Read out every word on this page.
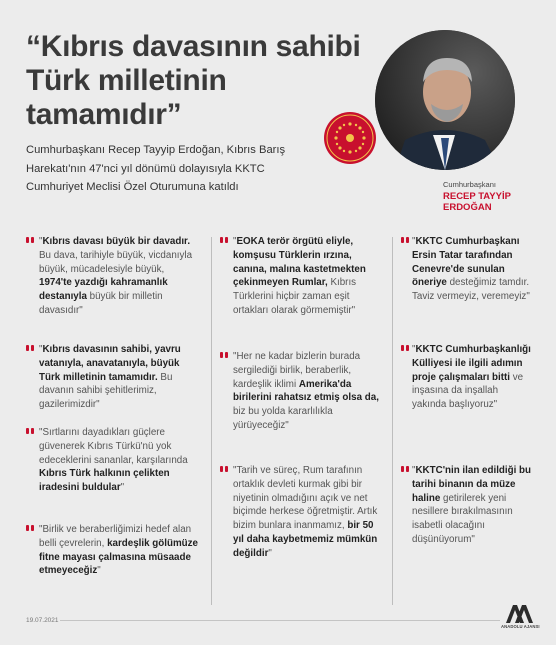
“Kıbrıs davasının sahibi Türk milletinin tamamıdır”
Cumhurbaşkanı Recep Tayyip Erdoğan, Kıbrıs Barış Harekatı'nın 47'nci yıl dönümü dolayısıyla KKTC Cumhuriyet Meclisi Özel Oturumuna katıldı	Cumhurbaşkanı
RECEP TAYYİP ERDOĞAN
"Kıbrıs davası büyük bir davadır. Bu dava, tarihiyle büyük, vicdanıyla büyük, mücadelesiyle büyük, 1974'te yazdığı kahramanlık destanıyla büyük bir milletin davasıdır"
"Kıbrıs davasının sahibi, yavru vatanıyla, anavatanıyla, büyük Türk milletinin tamamıdır. Bu davanın sahibi şehitlerimiz, gazilerimizdir"
"Sırtlarını dayadıkları güçlere güvenerek Kıbrıs Türkü'nü yok edeceklerini sananlar, karşılarında Kıbrıs Türk halkının çelikten iradesini buldular"
"Birlik ve beraberliğimizi hedef alan belli çevrelerin, kardeşlik gölümüze fitne mayası çalmasına müsaade etmeyeceğiz"
"EOKA terör örgütü eliyle, komşusu Türklerin ırzına, canına, malına kastetmekten çekinmeyen Rumlar, Kıbrıs Türklerini hiçbir zaman eşit ortakları olarak görmemiştir"
"Her ne kadar bizlerin burada sergilediği birlik, beraberlik, kardeşlik iklimi Amerika'da birilerini rahatsız etmiş olsa da, biz bu yolda kararlılıkla yürüyeceğiz"
"Tarih ve süreç, Rum tarafının ortaklık devleti kurmak gibi bir niyetinin olmadığını açık ve net biçimde herkese öğretmiştir. Artık bizim bunlara inanmamız, bir 50 yıl daha kaybetmemiz mümkün değildir"
"KKTC Cumhurbaşkanı Ersin Tatar tarafından Cenevre'de sunulan öneriye desteğimiz tamdır. Taviz vermeyiz, veremeyiz"
"KKTC Cumhurbaşkanlığı Külliyesi ile ilgili adımın proje çalışmaları bitti ve inşasına da inşallah yakında başlıyoruz"
"KKTC'nin ilan edildiği bu tarihi binanın da müze haline getirilerek yeni nesillere bırakılmasının isabetli olacağını düşünüyorum"
19.07.2021
ANADOLU AJANSI
